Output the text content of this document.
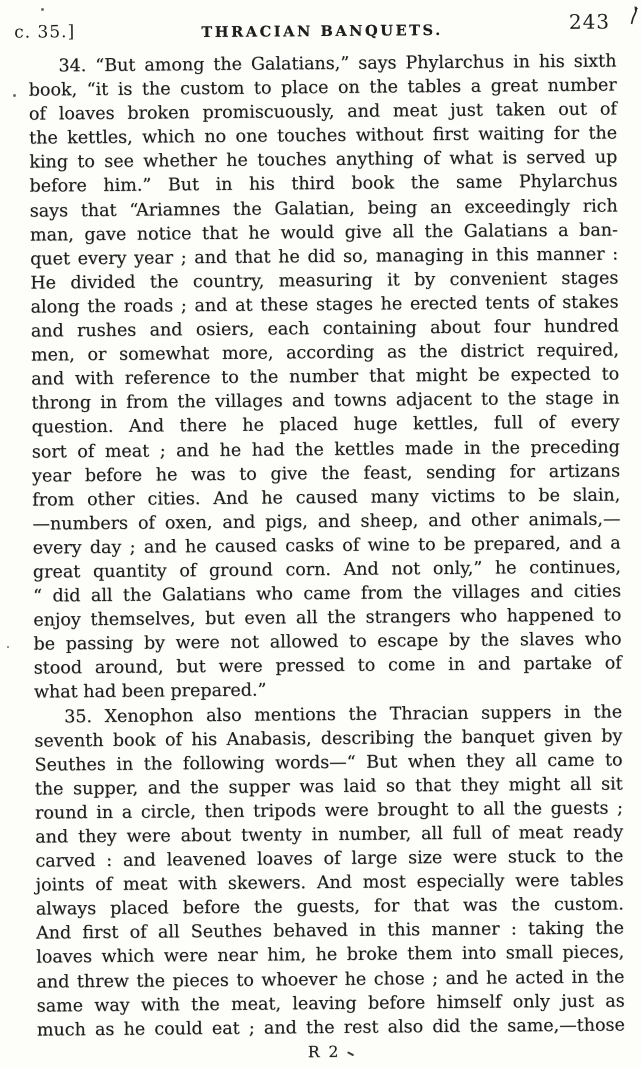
c. 35.]	THRACIAN BANQUETS.	243
34. “But among the Galatians,” says Phylarchus in his sixth
book, “it is the custom to place on the tables a great number
of loaves broken promiscuously, and meat just taken out of
the kettles, which no one touches without first waiting for the
king to see whether he touches anything of what is served up
before him.” But in his third book the same Phylarchus
says that “Ariamnes the Galatian, being an exceedingly rich
man, gave notice that he would give all the Galatians a ban-
quet every year ; and that he did so, managing in this manner :
He divided the country, measuring it by convenient stages
along the roads ; and at these stages he erected tents of stakes
and rushes and osiers, each containing about four hundred
men, or somewhat more, according as the district required,
and with reference to the number that might be expected to
throng in from the villages and towns adjacent to the stage in
question. And there he placed huge kettles, full of every
sort of meat ; and he had the kettles made in the preceding
year before he was to give the feast, sending for artizans
from other cities. And he caused many victims to be slain,
—numbers of oxen, and pigs, and sheep, and other animals,—
every day ; and he caused casks of wine to be prepared, and a
great quantity of ground corn. And not only,” he continues,
“ did all the Galatians who came from the villages and cities
enjoy themselves, but even all the strangers who happened to
be passing by were not allowed to escape by the slaves who
stood around, but were pressed to come in and partake of
what had been prepared.”
35. Xenophon also mentions the Thracian suppers in the
seventh book of his Anabasis, describing the banquet given by
Seuthes in the following words—“ But when they all came to
the supper, and the supper was laid so that they might all sit
round in a circle, then tripods were brought to all the guests ;
and they were about twenty in number, all full of meat ready
carved : and leavened loaves of large size were stuck to the
joints of meat with skewers. And most especially were tables
always placed before the guests, for that was the custom.
And first of all Seuthes behaved in this manner : taking the
loaves which were near him, he broke them into small pieces,
and threw the pieces to whoever he chose ; and he acted in the
same way with the meat, leaving before himself only just as
much as he could eat ; and the rest also did the same,—those
R 2
